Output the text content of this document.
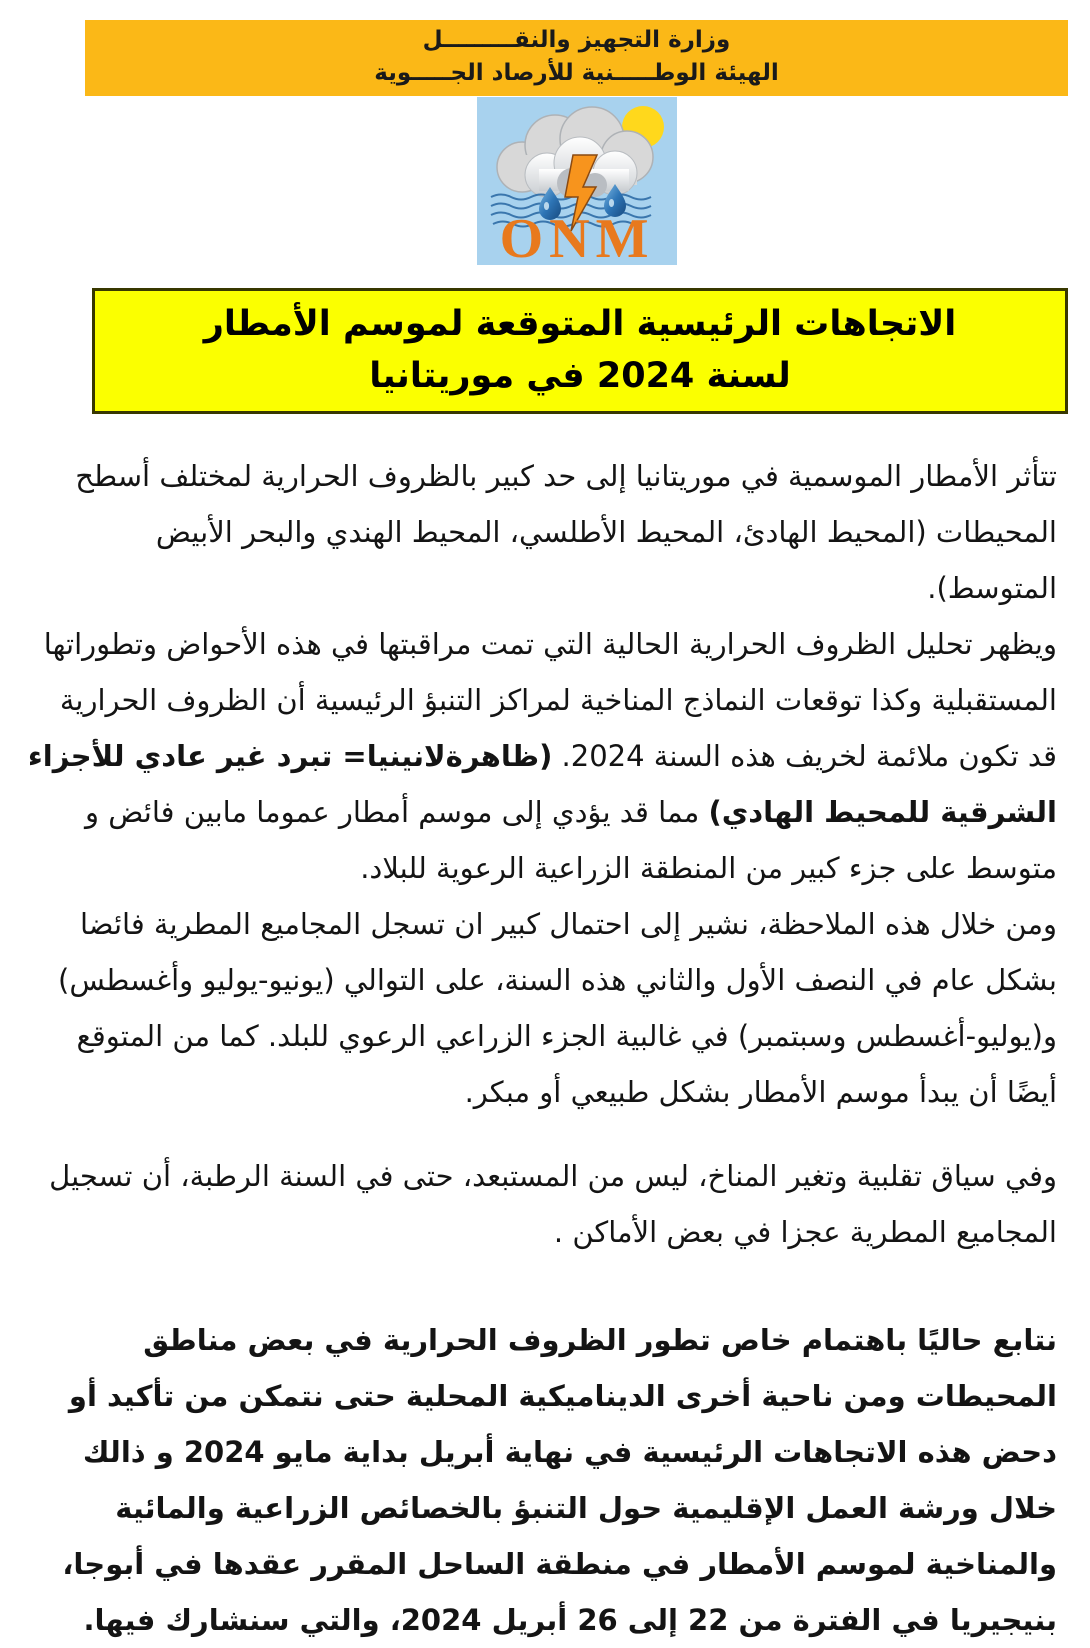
وزارة التجهيز والنقـــــــــل
الهيئة الوطـــــنية للأرصاد الجـــــوية
ONM
الاتجاهات الرئيسية المتوقعة لموسم الأمطار
لسنة 2024 في موريتانيا

تتأثر الأمطار الموسمية في موريتانيا إلى حد كبير بالظروف الحرارية لمختلف أسطح المحيطات (المحيط الهادئ، المحيط الأطلسي، المحيط الهندي والبحر الأبيض المتوسط).

ويظهر تحليل الظروف الحرارية الحالية التي تمت مراقبتها في هذه الأحواض وتطوراتها المستقبلية وكذا توقعات النماذج المناخية لمراكز التنبؤ الرئيسية أن الظروف الحرارية قد تكون ملائمة لخريف هذه السنة 2024. (ظاهرةلانينيا= تبرد غير عادي للأجزاء الشرقية للمحيط الهادي) مما قد يؤدي إلى موسم أمطار عموما مابين فائض و متوسط على جزء كبير من المنطقة الزراعية الرعوية للبلاد.

ومن خلال هذه الملاحظة، نشير إلى احتمال كبير ان تسجل المجاميع المطرية فائضا بشكل عام في النصف الأول والثاني هذه السنة، على التوالي (يونيو-يوليو وأغسطس) و(يوليو-أغسطس وسبتمبر) في غالبية الجزء الزراعي الرعوي للبلد. كما من المتوقع أيضًا أن يبدأ موسم الأمطار بشكل طبيعي أو مبكر.

وفي سياق تقلبية وتغير المناخ، ليس من المستبعد، حتى في السنة الرطبة، أن تسجيل المجاميع المطرية عجزا في بعض الأماكن .

نتابع حاليًا باهتمام خاص تطور الظروف الحرارية في بعض مناطق المحيطات ومن ناحية أخرى الديناميكية المحلية حتى نتمكن من تأكيد أو دحض هذه الاتجاهات الرئيسية في نهاية أبريل بداية مايو 2024 و ذالك خلال ورشة العمل الإقليمية حول التنبؤ بالخصائص الزراعية والمائية والمناخية لموسم الأمطار في منطقة الساحل المقرر عقدها في أبوجا، بنيجيريا في الفترة من 22 إلى 26 أبريل 2024، والتي سنشارك فيها.
